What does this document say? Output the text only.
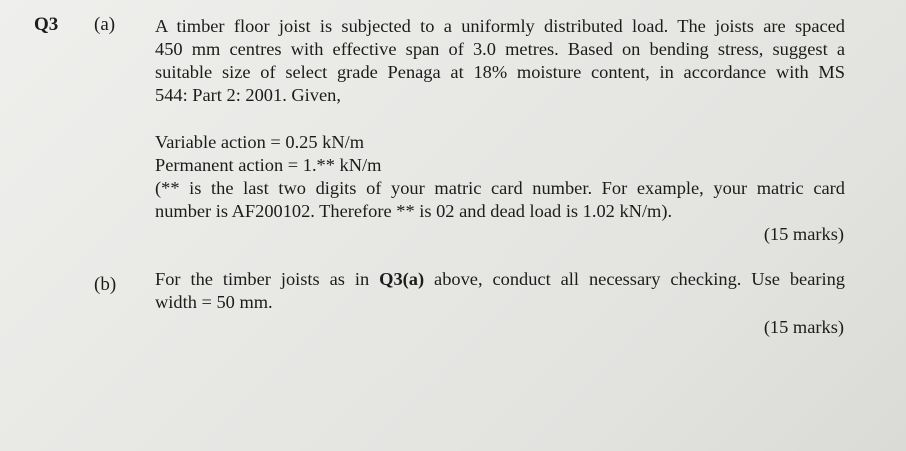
Q3 (a) A timber floor joist is subjected to a uniformly distributed load. The joists are spaced
450 mm centres with effective span of 3.0 metres. Based on bending stress, suggest a
suitable size of select grade Penaga at 18% moisture content, in accordance with MS
544: Part 2: 2001. Given,
Variable action = 0.25 kN/m
Permanent action = 1.** kN/m
(** is the last two digits of your matric card number. For example, your matric card
number is AF200102. Therefore ** is 02 and dead load is 1.02 kN/m).
(15 marks)
(b) For the timber joists as in Q3(a) above, conduct all necessary checking. Use bearing
width = 50 mm.
(15 marks)
